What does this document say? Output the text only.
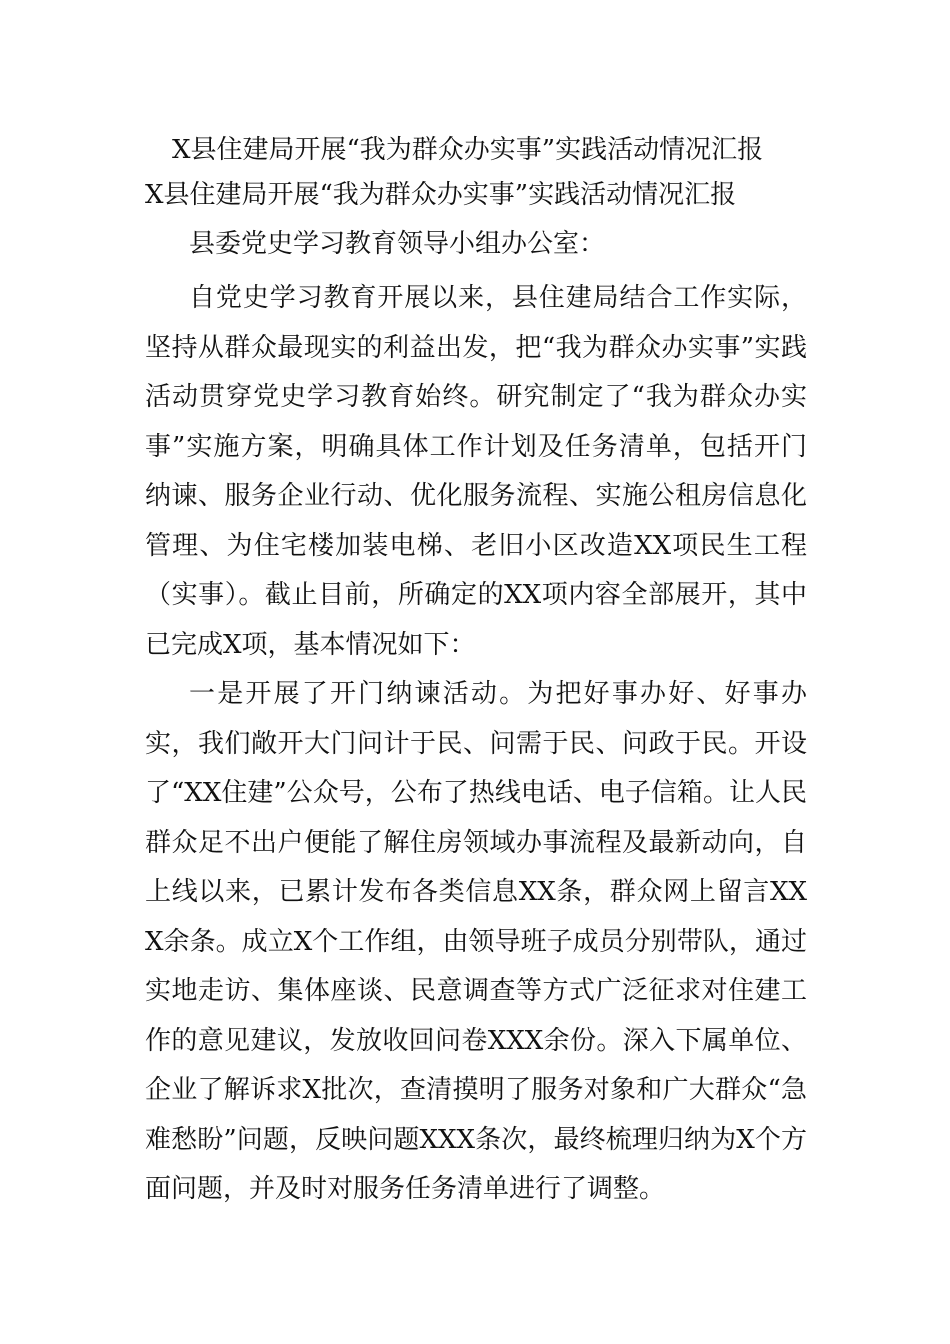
X县住建局开展“我为群众办实事”实践活动情况汇报

X县住建局开展“我为群众办实事”实践活动情况汇报

县委党史学习教育领导小组办公室：

自党史学习教育开展以来，县住建局结合工作实际，坚持从群众最现实的利益出发，把“我为群众办实事”实践活动贯穿党史学习教育始终。研究制定了“我为群众办实事”实施方案，明确具体工作计划及任务清单，包括开门纳谏、服务企业行动、优化服务流程、实施公租房信息化管理、为住宅楼加装电梯、老旧小区改造XX项民生工程（实事）。截止目前，所确定的XX项内容全部展开，其中已完成X项，基本情况如下：

一是开展了开门纳谏活动。为把好事办好、好事办实，我们敞开大门问计于民、问需于民、问政于民。开设了“XX住建”公众号，公布了热线电话、电子信箱。让人民群众足不出户便能了解住房领域办事流程及最新动向，自上线以来，已累计发布各类信息XX条，群众网上留言XXX余条。成立X个工作组，由领导班子成员分别带队，通过实地走访、集体座谈、民意调查等方式广泛征求对住建工作的意见建议，发放收回问卷XXX余份。深入下属单位、企业了解诉求X批次，查清摸明了服务对象和广大群众“急难愁盼”问题，反映问题XXX条次，最终梳理归纳为X个方面问题，并及时对服务任务清单进行了调整。
